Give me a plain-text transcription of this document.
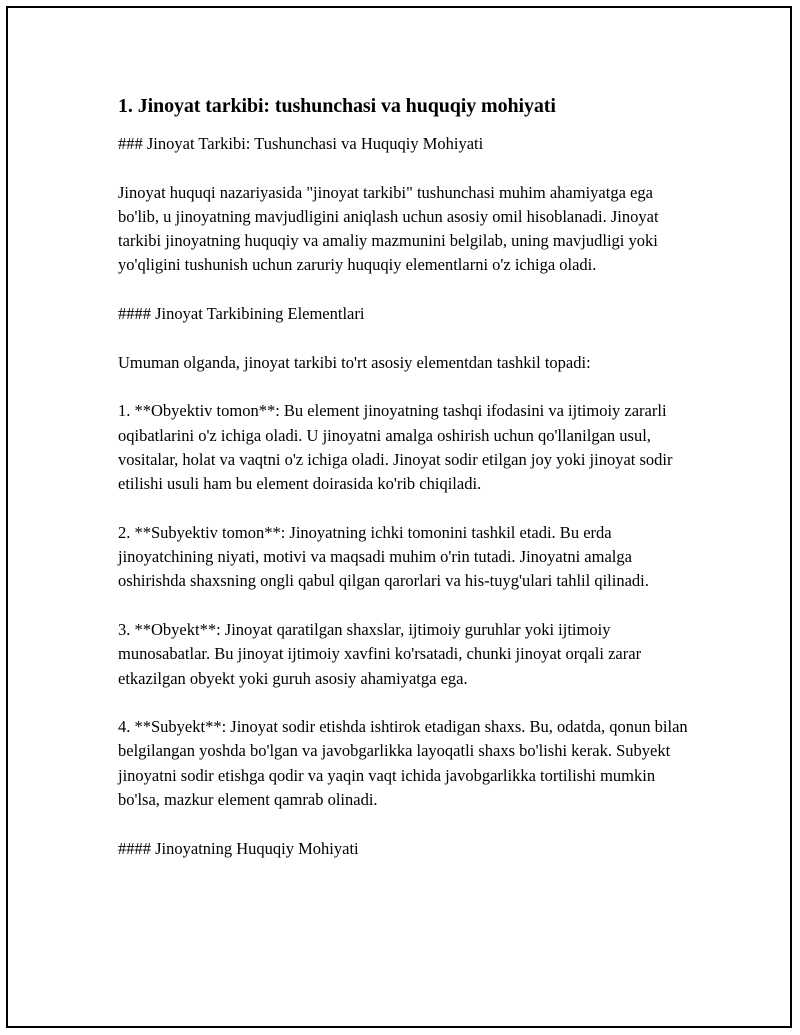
1. Jinoyat tarkibi: tushunchasi va huquqiy mohiyati

### Jinoyat Tarkibi: Tushunchasi va Huquqiy Mohiyati

Jinoyat huquqi nazariyasida "jinoyat tarkibi" tushunchasi muhim ahamiyatga ega bo'lib, u jinoyatning mavjudligini aniqlash uchun asosiy omil hisoblanadi. Jinoyat tarkibi jinoyatning huquqiy va amaliy mazmunini belgilab, uning mavjudligi yoki yo'qligini tushunish uchun zaruriy huquqiy elementlarni o'z ichiga oladi.

#### Jinoyat Tarkibining Elementlari

Umuman olganda, jinoyat tarkibi to'rt asosiy elementdan tashkil topadi:

1. **Obyektiv tomon**: Bu element jinoyatning tashqi ifodasini va ijtimoiy zararli oqibatlarini o'z ichiga oladi. U jinoyatni amalga oshirish uchun qo'llanilgan usul, vositalar, holat va vaqtni o'z ichiga oladi. Jinoyat sodir etilgan joy yoki jinoyat sodir etilishi usuli ham bu element doirasida ko'rib chiqiladi.

2. **Subyektiv tomon**: Jinoyatning ichki tomonini tashkil etadi. Bu erda jinoyatchining niyati, motivi va maqsadi muhim o'rin tutadi. Jinoyatni amalga oshirishda shaxsning ongli qabul qilgan qarorlari va his-tuyg'ulari tahlil qilinadi.

3. **Obyekt**: Jinoyat qaratilgan shaxslar, ijtimoiy guruhlar yoki ijtimoiy munosabatlar. Bu jinoyat ijtimoiy xavfini ko'rsatadi, chunki jinoyat orqali zarar etkazilgan obyekt yoki guruh asosiy ahamiyatga ega.

4. **Subyekt**: Jinoyat sodir etishda ishtirok etadigan shaxs. Bu, odatda, qonun bilan belgilangan yoshda bo'lgan va javobgarlikka layoqatli shaxs bo'lishi kerak. Subyekt jinoyatni sodir etishga qodir va yaqin vaqt ichida javobgarlikka tortilishi mumkin bo'lsa, mazkur element qamrab olinadi.

#### Jinoyatning Huquqiy Mohiyati
